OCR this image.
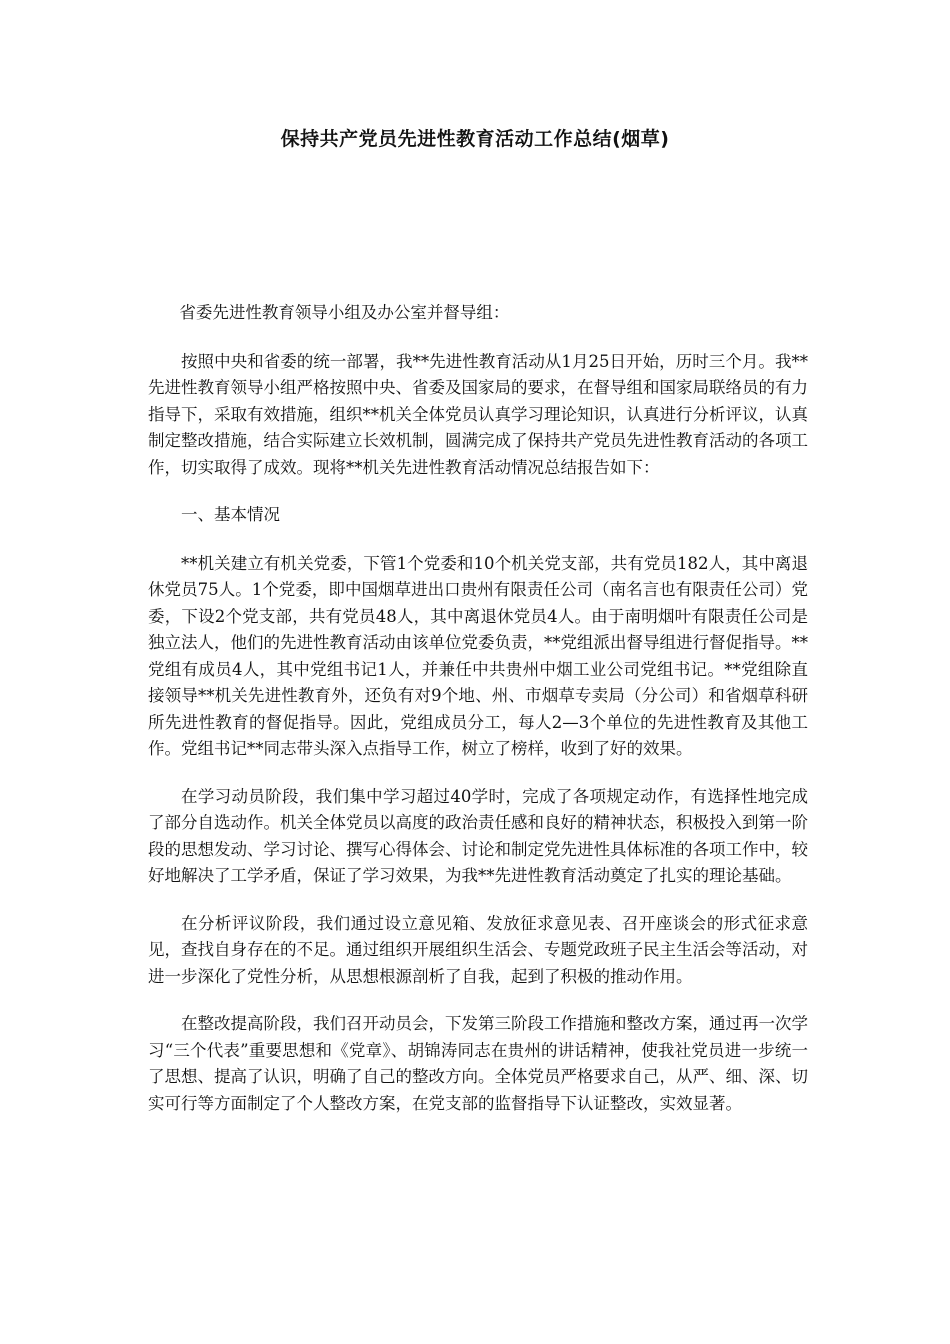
保持共产党员先进性教育活动工作总结(烟草)

省委先进性教育领导小组及办公室并督导组：

按照中央和省委的统一部署，我**先进性教育活动从1月25日开始，历时三个月。我**先进性教育领导小组严格按照中央、省委及国家局的要求，在督导组和国家局联络员的有力指导下，采取有效措施，组织**机关全体党员认真学习理论知识，认真进行分析评议，认真制定整改措施，结合实际建立长效机制，圆满完成了保持共产党员先进性教育活动的各项工作，切实取得了成效。现将**机关先进性教育活动情况总结报告如下：

一、基本情况

**机关建立有机关党委，下管1个党委和10个机关党支部，共有党员182人，其中离退休党员75人。1个党委，即中国烟草进出口贵州有限责任公司（南名言也有限责任公司）党委，下设2个党支部，共有党员48人，其中离退休党员4人。由于南明烟叶有限责任公司是独立法人，他们的先进性教育活动由该单位党委负责，**党组派出督导组进行督促指导。**党组有成员4人，其中党组书记1人，并兼任中共贵州中烟工业公司党组书记。**党组除直接领导**机关先进性教育外，还负有对9个地、州、市烟草专卖局（分公司）和省烟草科研所先进性教育的督促指导。因此，党组成员分工，每人2—3个单位的先进性教育及其他工作。党组书记**同志带头深入点指导工作，树立了榜样，收到了好的效果。

在学习动员阶段，我们集中学习超过40学时，完成了各项规定动作，有选择性地完成了部分自选动作。机关全体党员以高度的政治责任感和良好的精神状态，积极投入到第一阶段的思想发动、学习讨论、撰写心得体会、讨论和制定党先进性具体标准的各项工作中，较好地解决了工学矛盾，保证了学习效果，为我**先进性教育活动奠定了扎实的理论基础。

在分析评议阶段，我们通过设立意见箱、发放征求意见表、召开座谈会的形式征求意见，查找自身存在的不足。通过组织开展组织生活会、专题党政班子民主生活会等活动，对进一步深化了党性分析，从思想根源剖析了自我，起到了积极的推动作用。

在整改提高阶段，我们召开动员会，下发第三阶段工作措施和整改方案，通过再一次学习“三个代表”重要思想和《党章》、胡锦涛同志在贵州的讲话精神，使我社党员进一步统一了思想、提高了认识，明确了自己的整改方向。全体党员严格要求自己，从严、细、深、切实可行等方面制定了个人整改方案，在党支部的监督指导下认证整改，实效显著。
